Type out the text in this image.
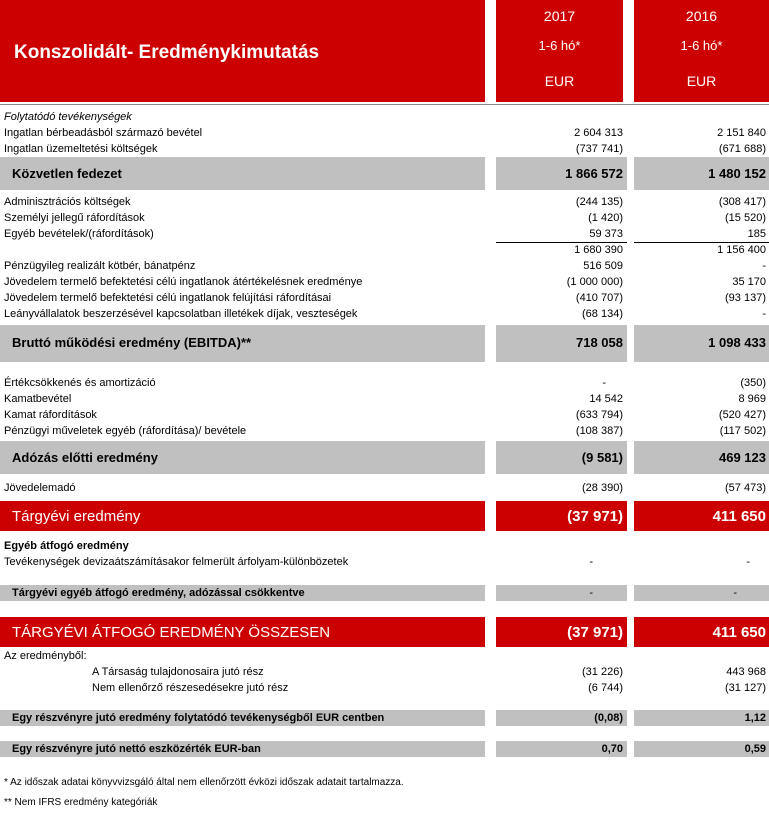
Konszolidált- Eredménykimutatás
2017
1-6 hó*
EUR
2016
1-6 hó*
EUR
Folytatódó tevékenységek
Ingatlan bérbeadásból származó bevétel	2 604 313	2 151 840
Ingatlan üzemeltetési költségek	(737 741)	(671 688)
Közvetlen fedezet	1 866 572	1 480 152
Adminisztrációs költségek	(244 135)	(308 417)
Személyi jellegű ráfordítások	(1 420)	(15 520)
Egyéb bevételek/(ráfordítások)	59 373	185
1 680 390	1 156 400
Pénzügyileg realizált kötbér, bánatpénz	516 509	-
Jövedelem termelő befektetési célú ingatlanok átértékelésnek eredménye	(1 000 000)	35 170
Jövedelem termelő befektetési célú ingatlanok felújítási ráfordításai	(410 707)	(93 137)
Leányvállalatok beszerzésével kapcsolatban illetékek díjak, veszteségek	(68 134)	-
Bruttó működési eredmény (EBITDA)**	718 058	1 098 433
Értékcsökkenés és amortizáció	-	(350)
Kamatbevétel	14 542	8 969
Kamat ráfordítások	(633 794)	(520 427)
Pénzügyi műveletek egyéb (ráfordítása)/ bevétele	(108 387)	(117 502)
Adózás előtti eredmény	(9 581)	469 123
Jövedelemadó	(28 390)	(57 473)
Tárgyévi eredmény	(37 971)	411 650
Egyéb átfogó eredmény
Tevékenységek devizaátszámításakor felmerült árfolyam-különbözetek	-	-
Tárgyévi egyéb átfogó eredmény, adózással csökkentve	-	-
TÁRGYÉVI ÁTFOGÓ EREDMÉNY ÖSSZESEN	(37 971)	411 650
Az eredményből:
A Társaság tulajdonosaira jutó rész	(31 226)	443 968
Nem ellenőrző részesedésekre jutó rész	(6 744)	(31 127)
Egy részvényre jutó eredmény folytatódó tevékenységből EUR centben	(0,08)	1,12
Egy részvényre jutó nettó eszközérték EUR-ban	0,70	0,59
* Az időszak adatai könyvvizsgáló által nem ellenőrzött évközi időszak adatait tartalmazza.
** Nem IFRS eredmény kategóriák
